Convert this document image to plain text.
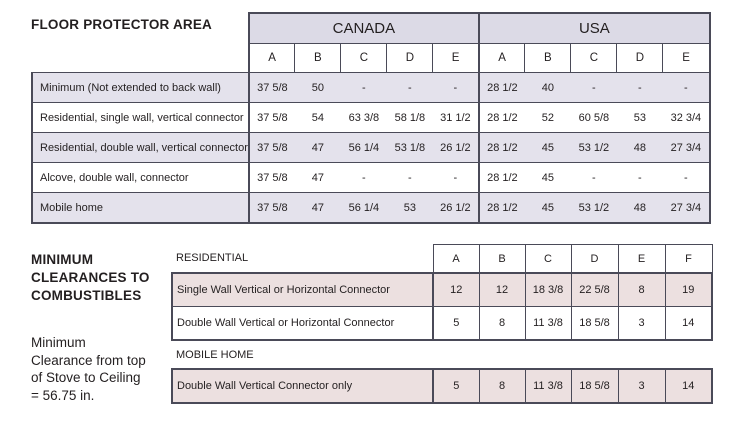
FLOOR PROTECTOR AREA
		CANADA					USA				
	A	B	C	D	E	A	B	C	D	E
Minimum (Not extended to back wall)	37 5/8	50	-	-	-	28 1/2	40	-	-	-
Residential, single wall, vertical connector	37 5/8	54	63 3/8	58 1/8	31 1/2	28 1/2	52	60 5/8	53	32 3/4
Residential, double wall, vertical connector	37 5/8	47	56 1/4	53 1/8	26 1/2	28 1/2	45	53 1/2	48	27 3/4
Alcove, double wall, connector	37 5/8	47	-	-	-	28 1/2	45	-	-	-
Mobile home	37 5/8	47	56 1/4	53	26 1/2	28 1/2	45	53 1/2	48	27 3/4
MINIMUM
CLEARANCES TO
COMBUSTIBLES

Minimum
Clearance from top
of Stove to Ceiling
= 56.75 in.

RESIDENTIAL	A	B	C	D	E	F
Single Wall Vertical or Horizontal Connector	12	12	18 3/8	22 5/8	8	19
Double Wall Vertical or Horizontal Connector	5	8	11 3/8	18 5/8	3	14
MOBILE HOME						
Double Wall Vertical Connector only	5	8	11 3/8	18 5/8	3	14
